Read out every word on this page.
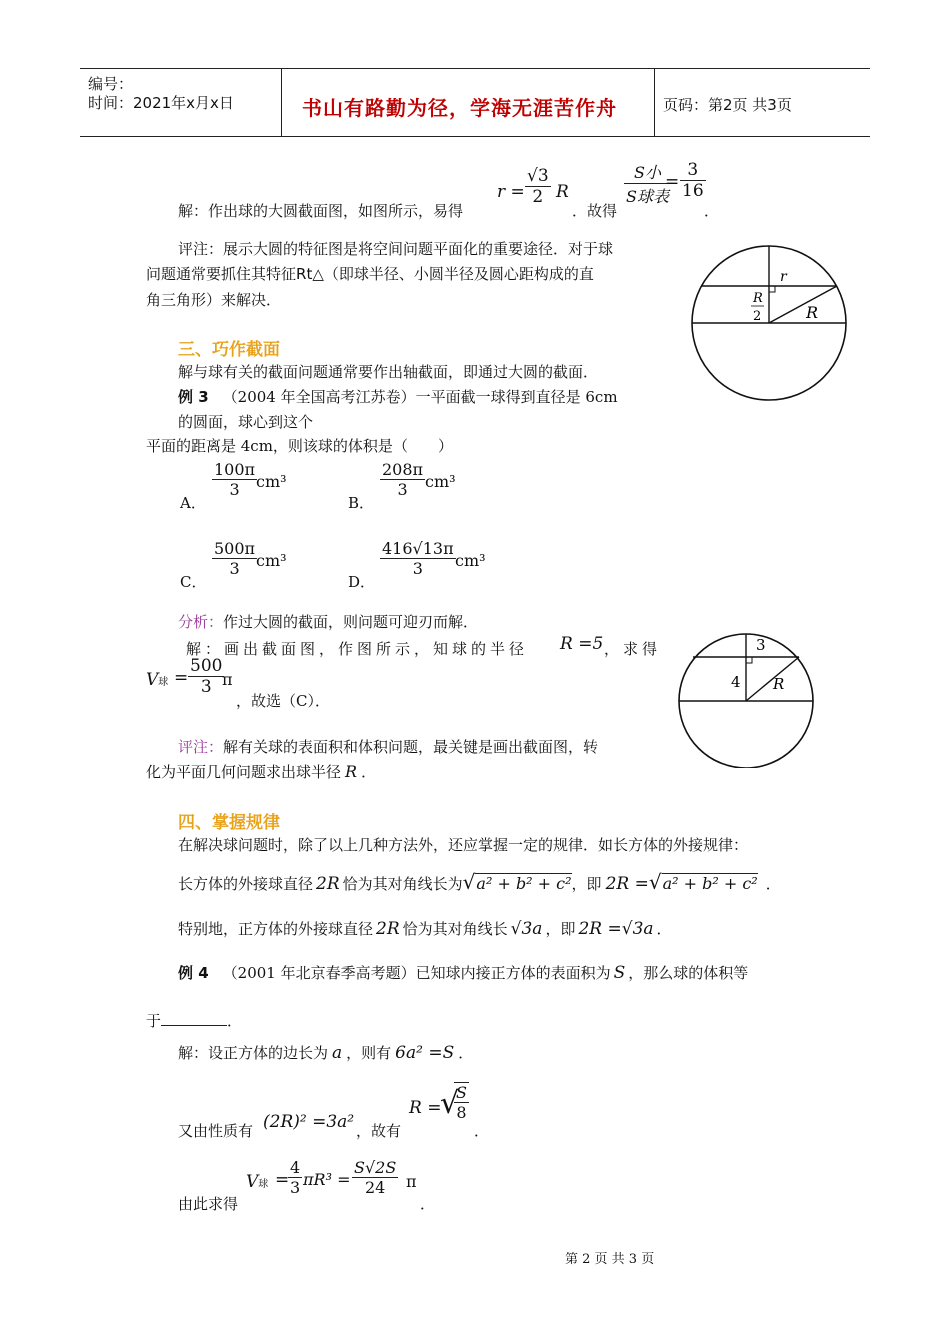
编号：
时间：2021年x月x日	书山有路勤为径，学海无涯苦作舟	页码：第2页 共3页
解：作出球的大圆截面图，如图所示，易得
$r = \frac{√3}{2}$ R
．故得
S小
S球表
= $\frac{3}{16}$
．
评注：展示大圆的特征图是将空间问题平面化的重要途径．对于球
问题通常要抓住其特征Rt△（即球半径、小圆半径及圆心距构成的直
角三角形）来解决．
r
R
2	R
三、巧作截面
解与球有关的截面问题通常要作出轴截面，即通过大圆的截面．
例 3 （2004 年全国高考江苏卷）一平面截一球得到直径是 6cm
的圆面，球心到这个
平面的距离是 4cm，则该球的体积是（　　）
A．
$\frac{100\pi}{3}$
cm³
B．
$\frac{208\pi}{3} cm^3$
C．
$\frac{500\pi}{3}$
cm³
D．
$\frac{416√13\pi}{3} cm^3$
分析：作过大圆的截面，则问题可迎刃而解．
解：画出截面图，作图所示，知球的半径 R =5 ，求得
V球 = $\frac{500}{3}$
π
，故选（C）．
评注：解有关球的表面积和体积问题，最关键是画出截面图，转
化为平面几何问题求出球半径 R ．
3
4 R
四、掌握规律
在解决球问题时，除了以上几种方法外，还应掌握一定的规律．如长方体的外接规律：
长方体的外接球直径 2R 恰为其对角线长为√a² + b² + c²，即 2R =√a² + b² + c² ．
特别地，正方体的外接球直径 2R 恰为其对角线长 √3a ，即 2R =√3a ．
例 4 （2001 年北京春季高考题）已知球内接正方体的表面积为 S ，那么球的体积等
于	．
解：设正方体的边长为 a ，则有 6a² =S ．
又由性质有 (2R)² =3a² ，故有
R =
√
$\frac{S}{8}$
．
由此求得
V球 =
$\frac{4}{3} \pi R^3 = \frac{S√2S}{24}$ π
．
第 2 页 共 3 页
